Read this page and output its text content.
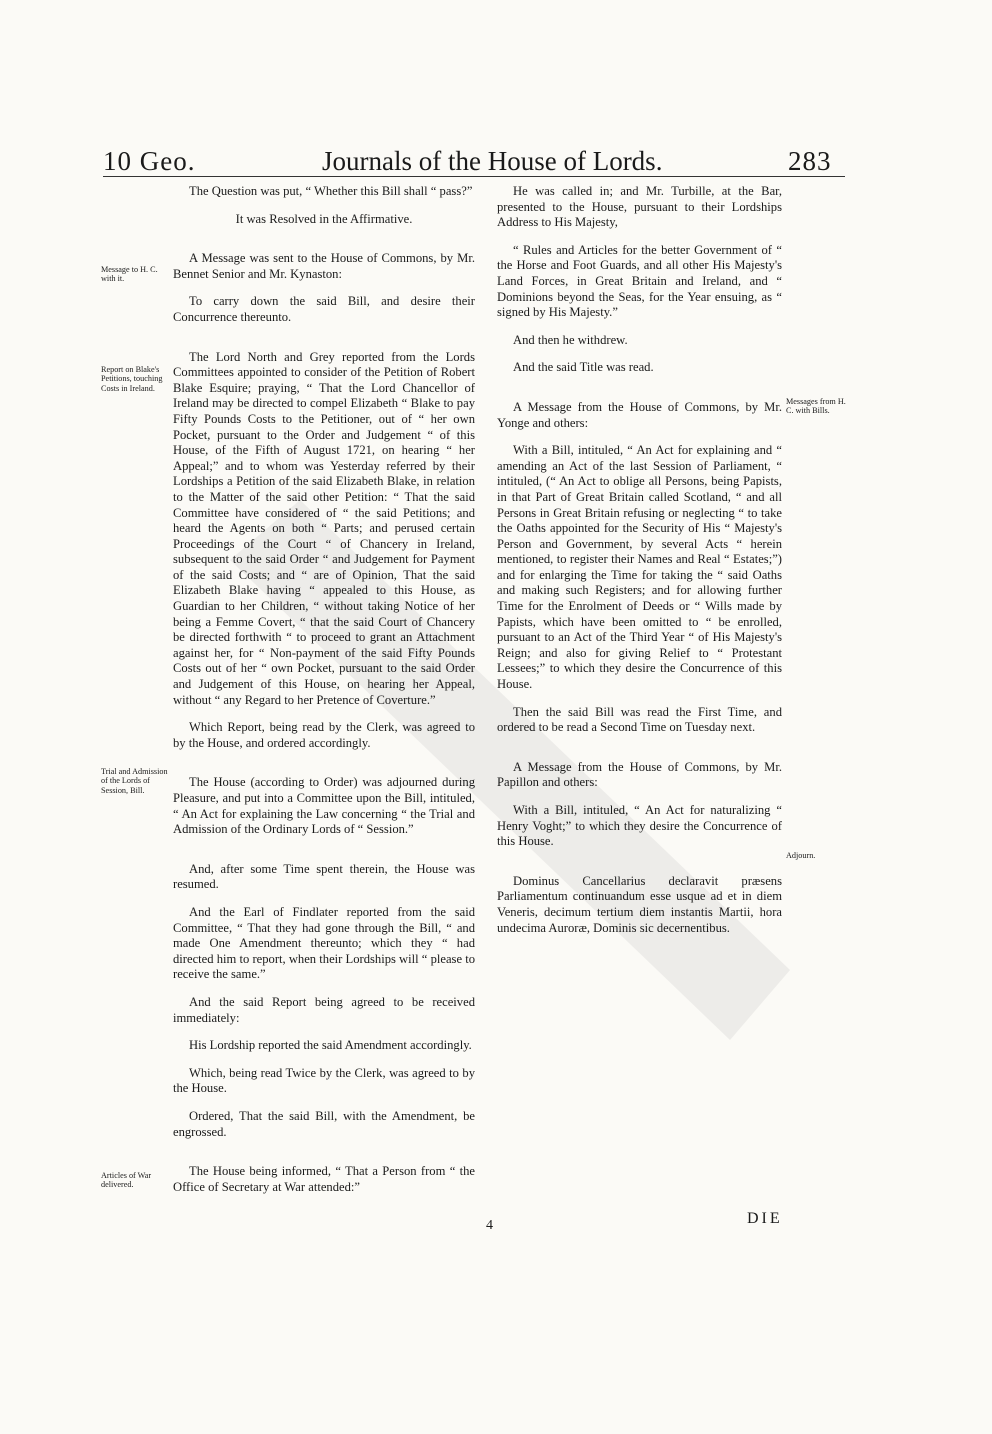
10 Geo.	Journals of the House of Lords.	283
Message to H. C. with it.
Report on Blake's Petitions, touching Costs in Ireland.
Trial and Admission of the Lords of Session, Bill.
Articles of War delivered.
Messages from H. C. with Bills.
Adjourn.

The Question was put, “ Whether this Bill shall “ pass?”

It was Resolved in the Affirmative.

A Message was sent to the House of Commons, by Mr. Bennet Senior and Mr. Kynaston:

To carry down the said Bill, and desire their Concurrence thereunto.

The Lord North and Grey reported from the Lords Committees appointed to consider of the Petition of Robert Blake Esquire; praying, “ That the Lord Chancellor of Ireland may be directed to compel Elizabeth “ Blake to pay Fifty Pounds Costs to the Petitioner, out of “ her own Pocket, pursuant to the Order and Judgement “ of this House, of the Fifth of August 1721, on hearing “ her Appeal;” and to whom was Yesterday referred by their Lordships a Petition of the said Elizabeth Blake, in relation to the Matter of the said other Petition: “ That the said Committee have considered of “ the said Petitions; and heard the Agents on both “ Parts; and perused certain Proceedings of the Court “ of Chancery in Ireland, subsequent to the said Order “ and Judgement for Payment of the said Costs; and “ are of Opinion, That the said Elizabeth Blake having “ appealed to this House, as Guardian to her Children, “ without taking Notice of her being a Femme Covert, “ that the said Court of Chancery be directed forthwith “ to proceed to grant an Attachment against her, for “ Non-payment of the said Fifty Pounds Costs out of her “ own Pocket, pursuant to the said Order and Judgement of this House, on hearing her Appeal, without “ any Regard to her Pretence of Coverture.”

Which Report, being read by the Clerk, was agreed to by the House, and ordered accordingly.

The House (according to Order) was adjourned during Pleasure, and put into a Committee upon the Bill, intituled, “ An Act for explaining the Law concerning “ the Trial and Admission of the Ordinary Lords of “ Session.”

And, after some Time spent therein, the House was resumed.

And the Earl of Findlater reported from the said Committee, “ That they had gone through the Bill, “ and made One Amendment thereunto; which they “ had directed him to report, when their Lordships will “ please to receive the same.”

And the said Report being agreed to be received immediately:

His Lordship reported the said Amendment accordingly.

Which, being read Twice by the Clerk, was agreed to by the House.

Ordered, That the said Bill, with the Amendment, be engrossed.

The House being informed, “ That a Person from “ the Office of Secretary at War attended:”

He was called in; and Mr. Turbille, at the Bar, presented to the House, pursuant to their Lordships Address to His Majesty,

“ Rules and Articles for the better Government of “ the Horse and Foot Guards, and all other His Majesty's Land Forces, in Great Britain and Ireland, and “ Dominions beyond the Seas, for the Year ensuing, as “ signed by His Majesty.”

And then he withdrew.

And the said Title was read.

A Message from the House of Commons, by Mr. Yonge and others:

With a Bill, intituled, “ An Act for explaining and “ amending an Act of the last Session of Parliament, “ intituled, (“ An Act to oblige all Persons, being Papists, in that Part of Great Britain called Scotland, “ and all Persons in Great Britain refusing or neglecting “ to take the Oaths appointed for the Security of His “ Majesty's Person and Government, by several Acts “ herein mentioned, to register their Names and Real “ Estates;”) and for enlarging the Time for taking the “ said Oaths and making such Registers; and for allowing further Time for the Enrolment of Deeds or “ Wills made by Papists, which have been omitted to “ be enrolled, pursuant to an Act of the Third Year “ of His Majesty's Reign; and also for giving Relief to “ Protestant Lessees;” to which they desire the Concurrence of this House.

Then the said Bill was read the First Time, and ordered to be read a Second Time on Tuesday next.

A Message from the House of Commons, by Mr. Papillon and others:

With a Bill, intituled, “ An Act for naturalizing “ Henry Voght;” to which they desire the Concurrence of this House.

Dominus Cancellarius declaravit præsens Parliamentum continuandum esse usque ad et in diem Veneris, decimum tertium diem instantis Martii, hora undecima Auroræ, Dominis sic decernentibus.

4	DIE
